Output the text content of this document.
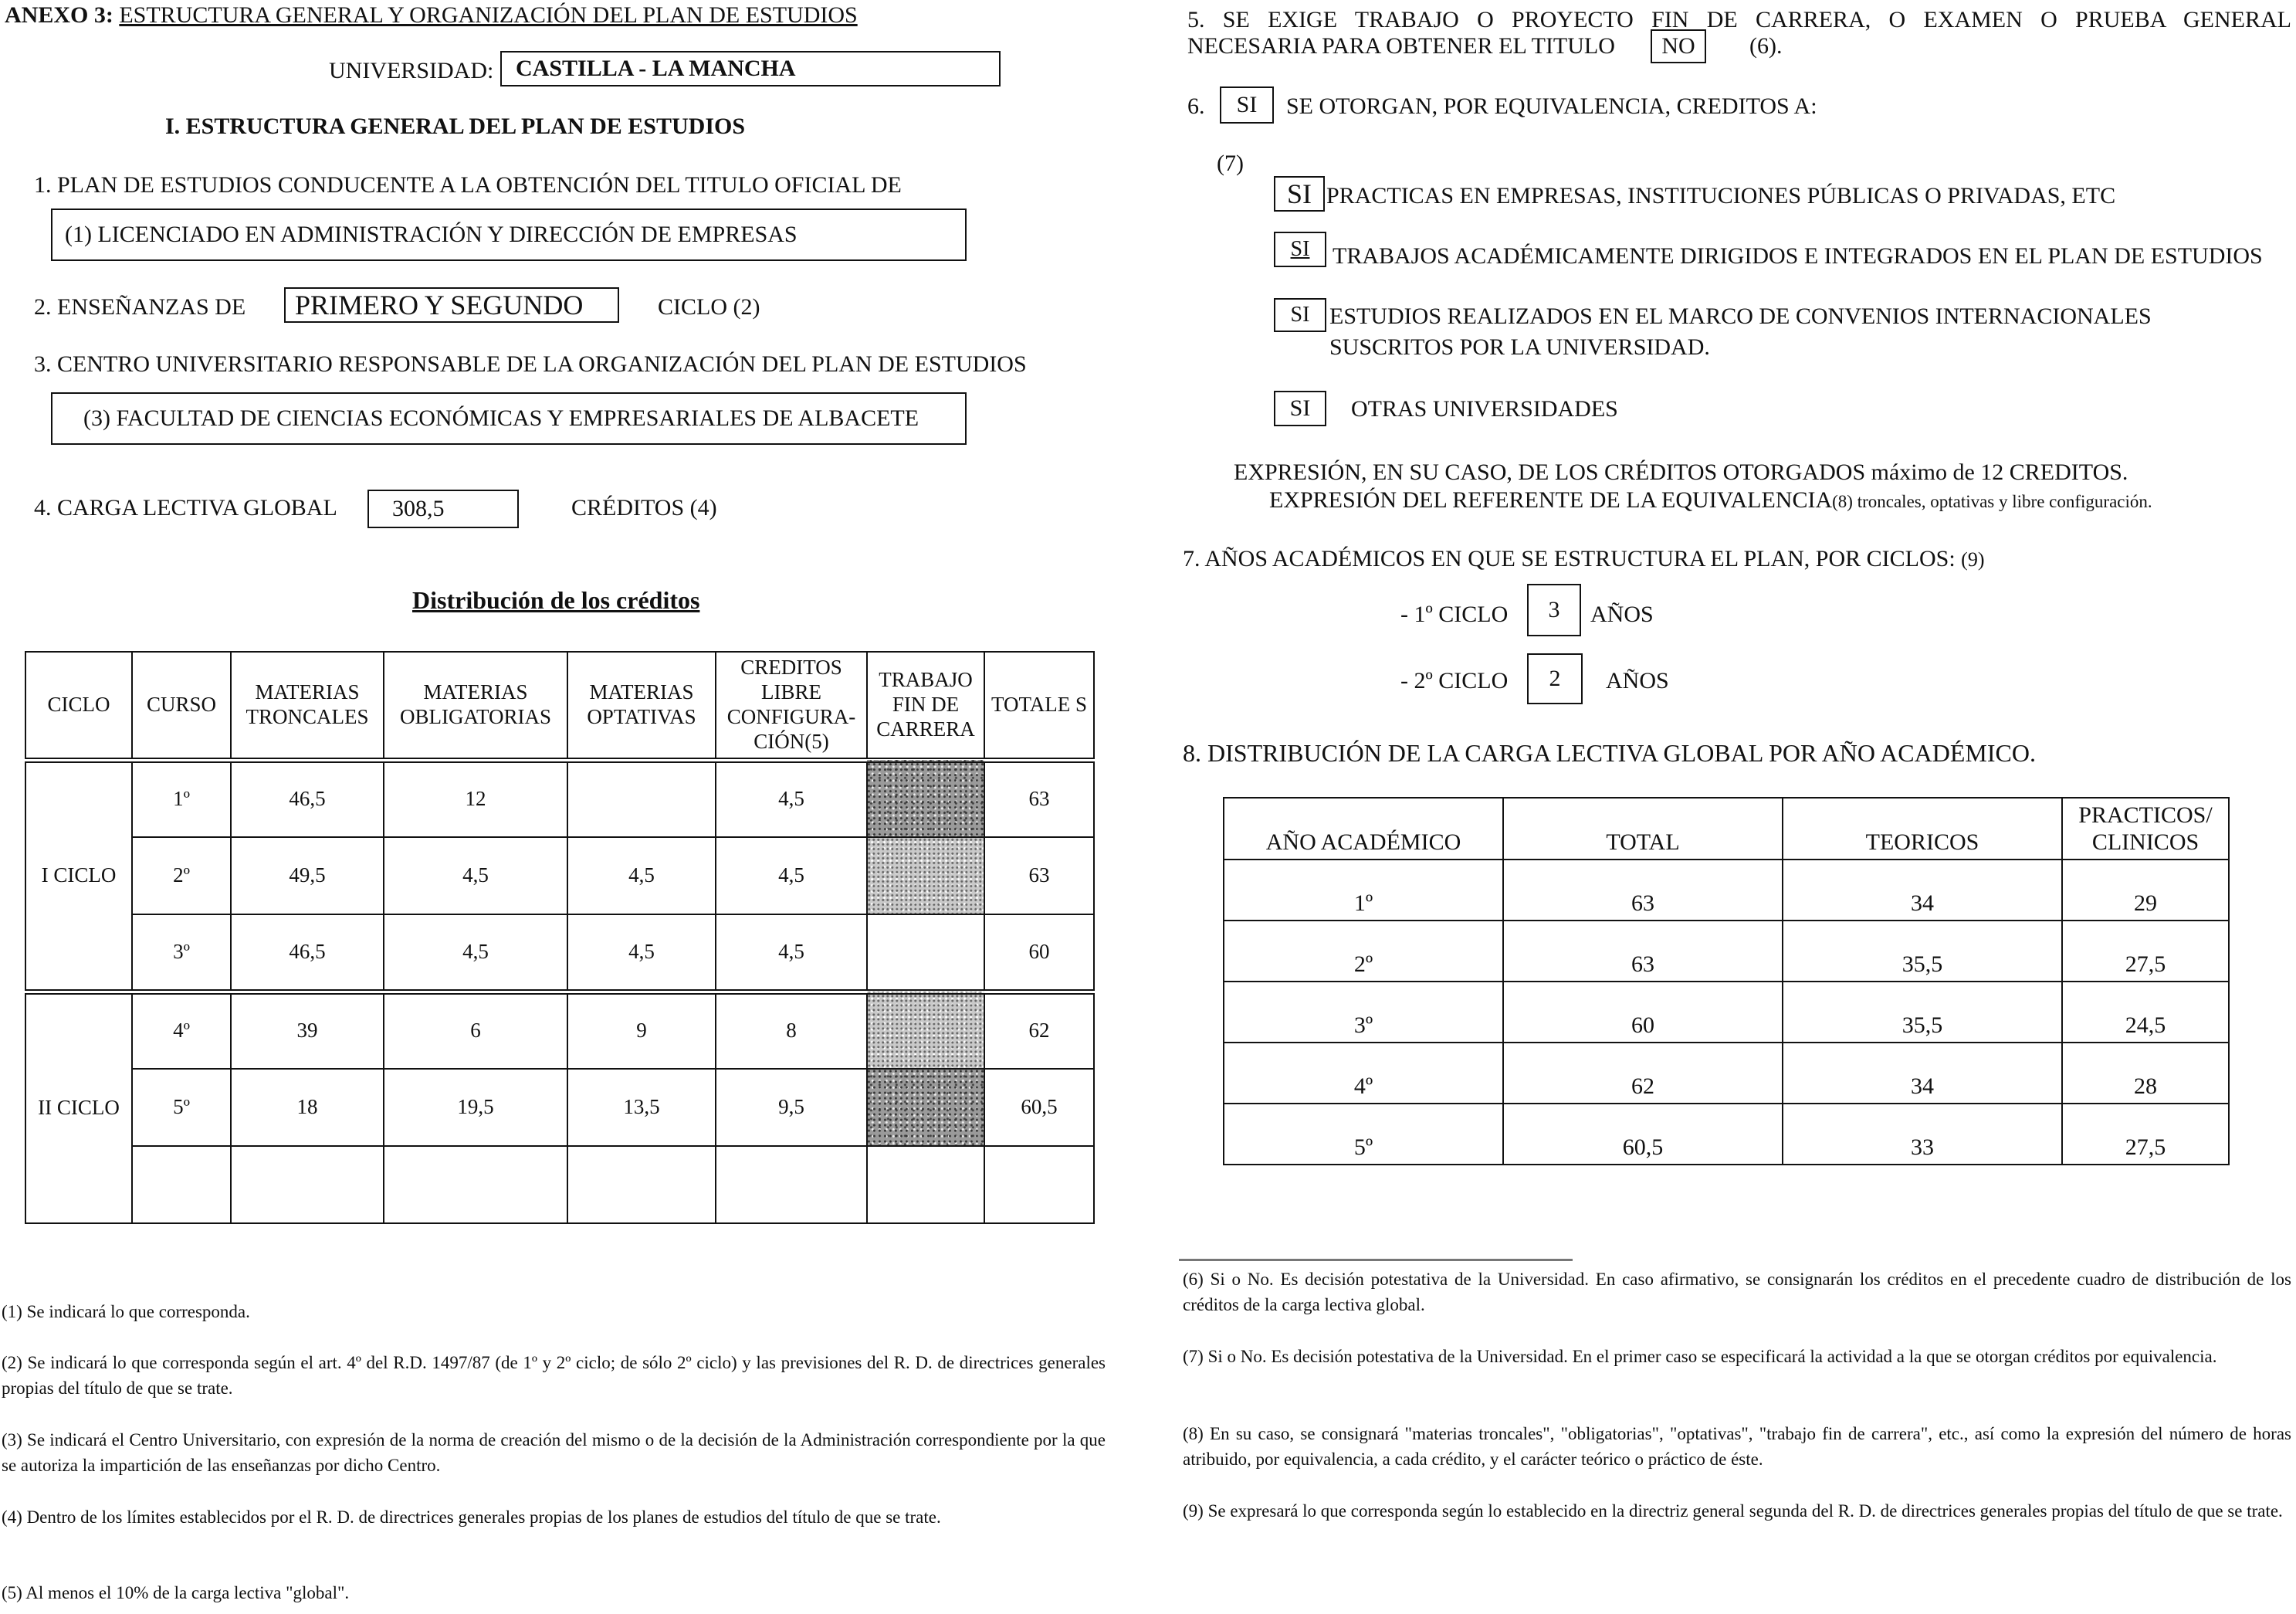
ANEXO 3: ESTRUCTURA GENERAL Y ORGANIZACIÓN DEL PLAN DE ESTUDIOS
UNIVERSIDAD: CASTILLA - LA MANCHA
I. ESTRUCTURA GENERAL DEL PLAN DE ESTUDIOS
1. PLAN DE ESTUDIOS CONDUCENTE A LA OBTENCIÓN DEL TITULO OFICIAL DE
(1) LICENCIADO EN ADMINISTRACIÓN Y DIRECCIÓN DE EMPRESAS
2. ENSEÑANZAS DE PRIMERO Y SEGUNDO	CICLO (2)
3. CENTRO UNIVERSITARIO RESPONSABLE DE LA ORGANIZACIÓN DEL PLAN DE ESTUDIOS
(3) FACULTAD DE CIENCIAS ECONÓMICAS Y EMPRESARIALES DE ALBACETE
4. CARGA LECTIVA GLOBAL 308,5	CRÉDITOS (4)
Distribución de los créditos
CICLO	CURSO	MATERIAS TRONCALES	MATERIAS OBLIGATORIAS	MATERIAS OPTATIVAS	CREDITOS LIBRE CONFIGURA-CIÓN(5)	TRABAJO FIN DE CARRERA	TOTALE S
I CICLO	1º	46,5	12		4,5		63
	2º	49,5	4,5	4,5	4,5		63
	3º	46,5	4,5	4,5	4,5		60
II CICLO	4º	39	6	9	8		62
	5º	18	19,5	13,5	9,5		60,5

(1) Se indicará lo que corresponda.
(2) Se indicará lo que corresponda según el art. 4º del R.D. 1497/87 (de 1º y 2º ciclo; de sólo 2º ciclo) y las previsiones del R. D. de directrices generales propias del título de que se trate.
(3) Se indicará el Centro Universitario, con expresión de la norma de creación del mismo o de la decisión de la Administración correspondiente por la que se autoriza la impartición de las enseñanzas por dicho Centro.
(4) Dentro de los límites establecidos por el R. D. de directrices generales propias de los planes de estudios del título de que se trate.
(5) Al menos el 10% de la carga lectiva "global".
5. SE EXIGE TRABAJO O PROYECTO FIN DE CARRERA, O EXAMEN O PRUEBA GENERAL
NECESARIA PARA OBTENER EL TITULO NO (6).
6. SI SE OTORGAN, POR EQUIVALENCIA, CREDITOS A:
(7)
SI PRACTICAS EN EMPRESAS, INSTITUCIONES PÚBLICAS O PRIVADAS, ETC
SI TRABAJOS ACADÉMICAMENTE DIRIGIDOS E INTEGRADOS EN EL PLAN DE ESTUDIOS
SI ESTUDIOS REALIZADOS EN EL MARCO DE CONVENIOS INTERNACIONALES
SUSCRITOS POR LA UNIVERSIDAD.
SI OTRAS UNIVERSIDADES
EXPRESIÓN, EN SU CASO, DE LOS CRÉDITOS OTORGADOS máximo de 12 CREDITOS.
EXPRESIÓN DEL REFERENTE DE LA EQUIVALENCIA(8) troncales, optativas y libre configuración.
7. AÑOS ACADÉMICOS EN QUE SE ESTRUCTURA EL PLAN, POR CICLOS: (9)
- 1º CICLO 3 AÑOS
- 2º CICLO 2 AÑOS
8. DISTRIBUCIÓN DE LA CARGA LECTIVA GLOBAL POR AÑO ACADÉMICO.
AÑO ACADÉMICO	TOTAL	TEORICOS	PRACTICOS/ CLINICOS
1º	63	34	29
2º	63	35,5	27,5
3º	60	35,5	24,5
4º	62	34	28
5º	60,5	33	27,5
(6) Si o No. Es decisión potestativa de la Universidad. En caso afirmativo, se consignarán los créditos en el precedente cuadro de distribución de los créditos de la carga lectiva global.
(7) Si o No. Es decisión potestativa de la Universidad. En el primer caso se especificará la actividad a la que se otorgan créditos por equivalencia.
(8) En su caso, se consignará "materias troncales", "obligatorias", "optativas", "trabajo fin de carrera", etc., así como la expresión del número de horas atribuido, por equivalencia, a cada crédito, y el carácter teórico o práctico de éste.
(9) Se expresará lo que corresponda según lo establecido en la directriz general segunda del R. D. de directrices generales propias del título de que se trate.
